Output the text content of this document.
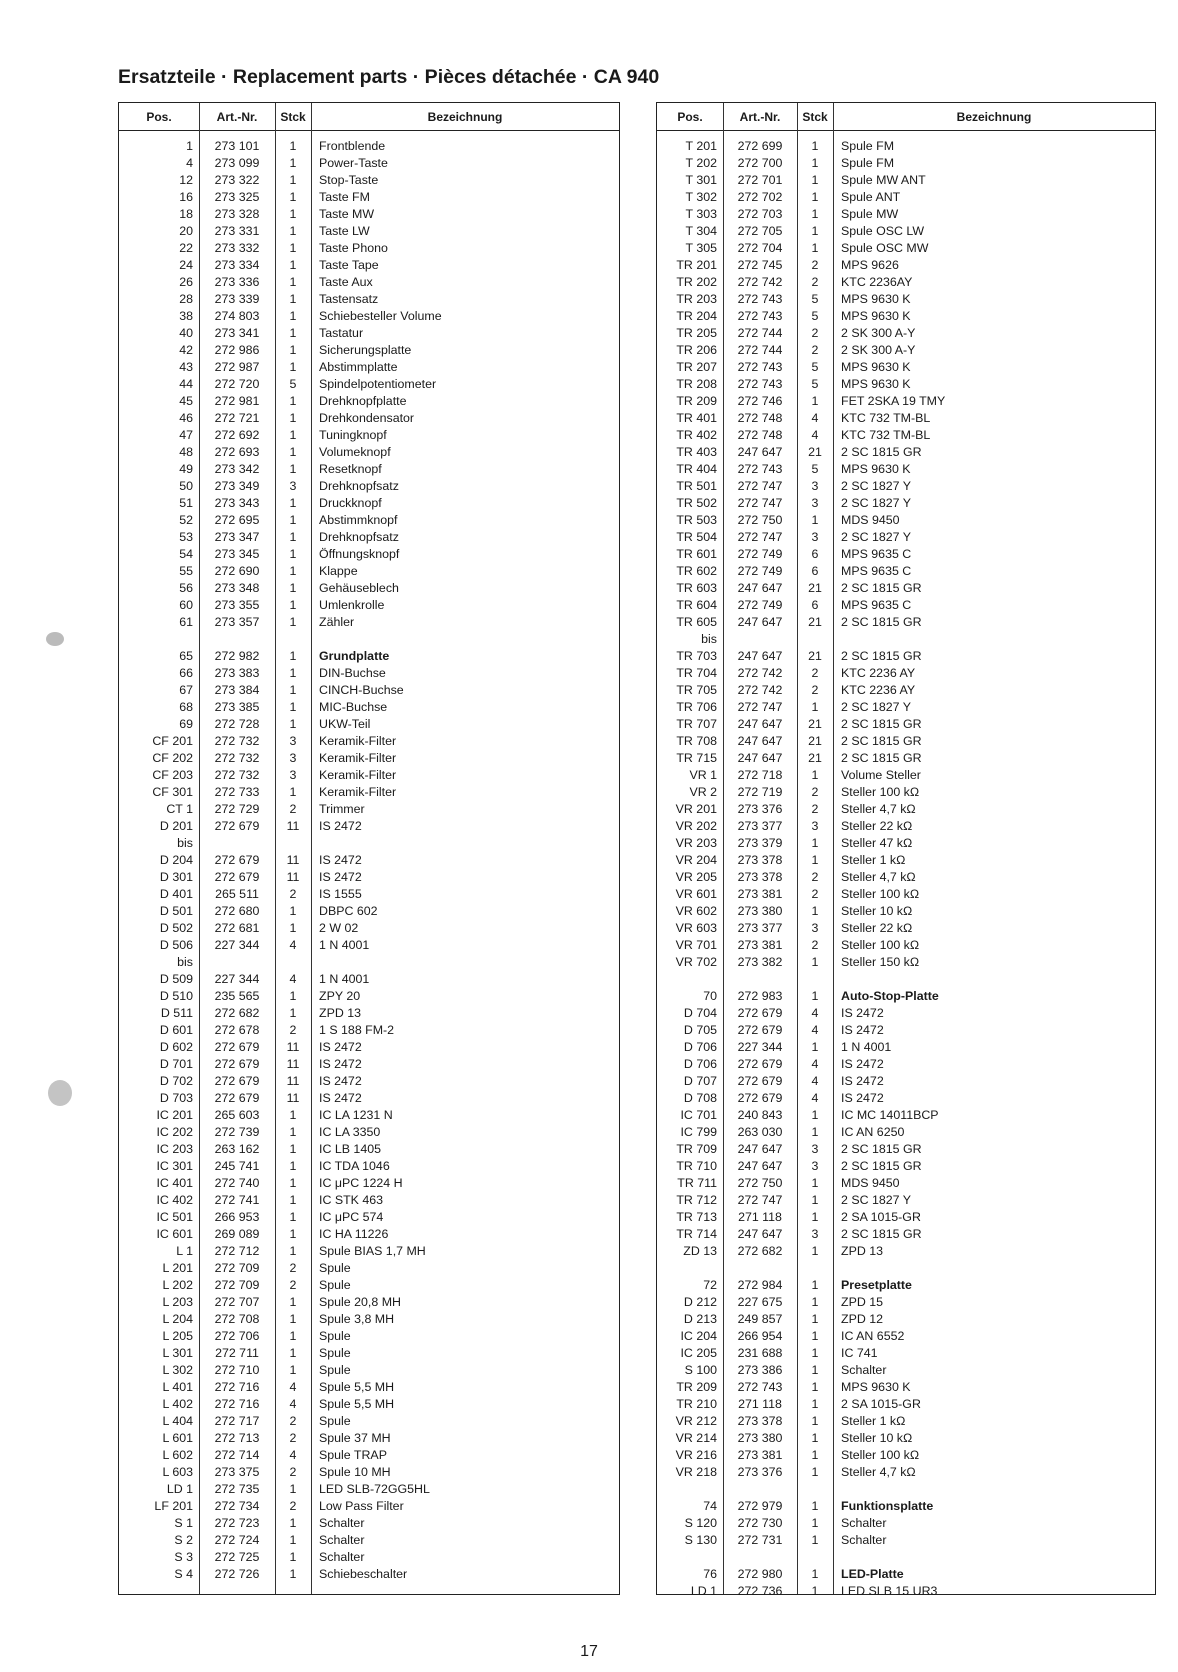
Ersatzteile · Replacement parts · Pièces détachée · CA 940
Pos.	Art.-Nr.	Stck	Bezeichnung
1	273 101	1	Frontblende
4	273 099	1	Power-Taste
12	273 322	1	Stop-Taste
16	273 325	1	Taste FM
18	273 328	1	Taste MW
20	273 331	1	Taste LW
22	273 332	1	Taste Phono
24	273 334	1	Taste Tape
26	273 336	1	Taste Aux
28	273 339	1	Tastensatz
38	274 803	1	Schiebesteller Volume
40	273 341	1	Tastatur
42	272 986	1	Sicherungsplatte
43	272 987	1	Abstimmplatte
44	272 720	5	Spindelpotentiometer
45	272 981	1	Drehknopfplatte
46	272 721	1	Drehkondensator
47	272 692	1	Tuningknopf
48	272 693	1	Volumeknopf
49	273 342	1	Resetknopf
50	273 349	3	Drehknopfsatz
51	273 343	1	Druckknopf
52	272 695	1	Abstimmknopf
53	273 347	1	Drehknopfsatz
54	273 345	1	Öffnungsknopf
55	272 690	1	Klappe
56	273 348	1	Gehäuseblech
60	273 355	1	Umlenkrolle
61	273 357	1	Zähler
65	272 982	1	Grundplatte
66	273 383	1	DIN-Buchse
67	273 384	1	CINCH-Buchse
68	273 385	1	MIC-Buchse
69	272 728	1	UKW-Teil
CF 201	272 732	3	Keramik-Filter
CF 202	272 732	3	Keramik-Filter
CF 203	272 732	3	Keramik-Filter
CF 301	272 733	1	Keramik-Filter
CT 1	272 729	2	Trimmer
D 201	272 679	11	IS 2472
bis
D 204	272 679	11	IS 2472
D 301	272 679	11	IS 2472
D 401	265 511	2	IS 1555
D 501	272 680	1	DBPC 602
D 502	272 681	1	2 W 02
D 506	227 344	4	1 N 4001
bis
D 509	227 344	4	1 N 4001
D 510	235 565	1	ZPY 20
D 511	272 682	1	ZPD 13
D 601	272 678	2	1 S 188 FM-2
D 602	272 679	11	IS 2472
D 701	272 679	11	IS 2472
D 702	272 679	11	IS 2472
D 703	272 679	11	IS 2472
IC 201	265 603	1	IC LA 1231 N
IC 202	272 739	1	IC LA 3350
IC 203	263 162	1	IC LB 1405
IC 301	245 741	1	IC TDA 1046
IC 401	272 740	1	IC μPC 1224 H
IC 402	272 741	1	IC STK 463
IC 501	266 953	1	IC μPC 574
IC 601	269 089	1	IC HA 11226
L 1	272 712	1	Spule BIAS 1,7 MH
L 201	272 709	2	Spule
L 202	272 709	2	Spule
L 203	272 707	1	Spule 20,8 MH
L 204	272 708	1	Spule 3,8 MH
L 205	272 706	1	Spule
L 301	272 711	1	Spule
L 302	272 710	1	Spule
L 401	272 716	4	Spule 5,5 MH
L 402	272 716	4	Spule 5,5 MH
L 404	272 717	2	Spule
L 601	272 713	2	Spule 37 MH
L 602	272 714	4	Spule TRAP
L 603	273 375	2	Spule 10 MH
LD 1	272 735	1	LED SLB-72GG5HL
LF 201	272 734	2	Low Pass Filter
S 1	272 723	1	Schalter
S 2	272 724	1	Schalter
S 3	272 725	1	Schalter
S 4	272 726	1	Schiebeschalter
Pos.	Art.-Nr.	Stck	Bezeichnung
T 201	272 699	1	Spule FM
T 202	272 700	1	Spule FM
T 301	272 701	1	Spule MW ANT
T 302	272 702	1	Spule ANT
T 303	272 703	1	Spule MW
T 304	272 705	1	Spule OSC LW
T 305	272 704	1	Spule OSC MW
TR 201	272 745	2	MPS 9626
TR 202	272 742	2	KTC 2236AY
TR 203	272 743	5	MPS 9630 K
TR 204	272 743	5	MPS 9630 K
TR 205	272 744	2	2 SK 300 A-Y
TR 206	272 744	2	2 SK 300 A-Y
TR 207	272 743	5	MPS 9630 K
TR 208	272 743	5	MPS 9630 K
TR 209	272 746	1	FET 2SKA 19 TMY
TR 401	272 748	4	KTC 732 TM-BL
TR 402	272 748	4	KTC 732 TM-BL
TR 403	247 647	21	2 SC 1815 GR
TR 404	272 743	5	MPS 9630 K
TR 501	272 747	3	2 SC 1827 Y
TR 502	272 747	3	2 SC 1827 Y
TR 503	272 750	1	MDS 9450
TR 504	272 747	3	2 SC 1827 Y
TR 601	272 749	6	MPS 9635 C
TR 602	272 749	6	MPS 9635 C
TR 603	247 647	21	2 SC 1815 GR
TR 604	272 749	6	MPS 9635 C
TR 605	247 647	21	2 SC 1815 GR
bis
TR 703	247 647	21	2 SC 1815 GR
TR 704	272 742	2	KTC 2236 AY
TR 705	272 742	2	KTC 2236 AY
TR 706	272 747	1	2 SC 1827 Y
TR 707	247 647	21	2 SC 1815 GR
TR 708	247 647	21	2 SC 1815 GR
TR 715	247 647	21	2 SC 1815 GR
VR 1	272 718	1	Volume Steller
VR 2	272 719	2	Steller 100 kΩ
VR 201	273 376	2	Steller 4,7 kΩ
VR 202	273 377	3	Steller 22 kΩ
VR 203	273 379	1	Steller 47 kΩ
VR 204	273 378	1	Steller 1 kΩ
VR 205	273 378	2	Steller 4,7 kΩ
VR 601	273 381	2	Steller 100 kΩ
VR 602	273 380	1	Steller 10 kΩ
VR 603	273 377	3	Steller 22 kΩ
VR 701	273 381	2	Steller 100 kΩ
VR 702	273 382	1	Steller 150 kΩ
70	272 983	1	Auto-Stop-Platte
D 704	272 679	4	IS 2472
D 705	272 679	4	IS 2472
D 706	227 344	1	1 N 4001
D 706	272 679	4	IS 2472
D 707	272 679	4	IS 2472
D 708	272 679	4	IS 2472
IC 701	240 843	1	IC MC 14011BCP
IC 799	263 030	1	IC AN 6250
TR 709	247 647	3	2 SC 1815 GR
TR 710	247 647	3	2 SC 1815 GR
TR 711	272 750	1	MDS 9450
TR 712	272 747	1	2 SC 1827 Y
TR 713	271 118	1	2 SA 1015-GR
TR 714	247 647	3	2 SC 1815 GR
ZD 13	272 682	1	ZPD 13
72	272 984	1	Presetplatte
D 212	227 675	1	ZPD 15
D 213	249 857	1	ZPD 12
IC 204	266 954	1	IC AN 6552
IC 205	231 688	1	IC 741
S 100	273 386	1	Schalter
TR 209	272 743	1	MPS 9630 K
TR 210	271 118	1	2 SA 1015-GR
VR 212	273 378	1	Steller 1 kΩ
VR 214	273 380	1	Steller 10 kΩ
VR 216	273 381	1	Steller 100 kΩ
VR 218	273 376	1	Steller 4,7 kΩ
74	272 979	1	Funktionsplatte
S 120	272 730	1	Schalter
S 130	272 731	1	Schalter
76	272 980	1	LED-Platte
LD 1	272 736	1	LED SLB 15 UR3
17
